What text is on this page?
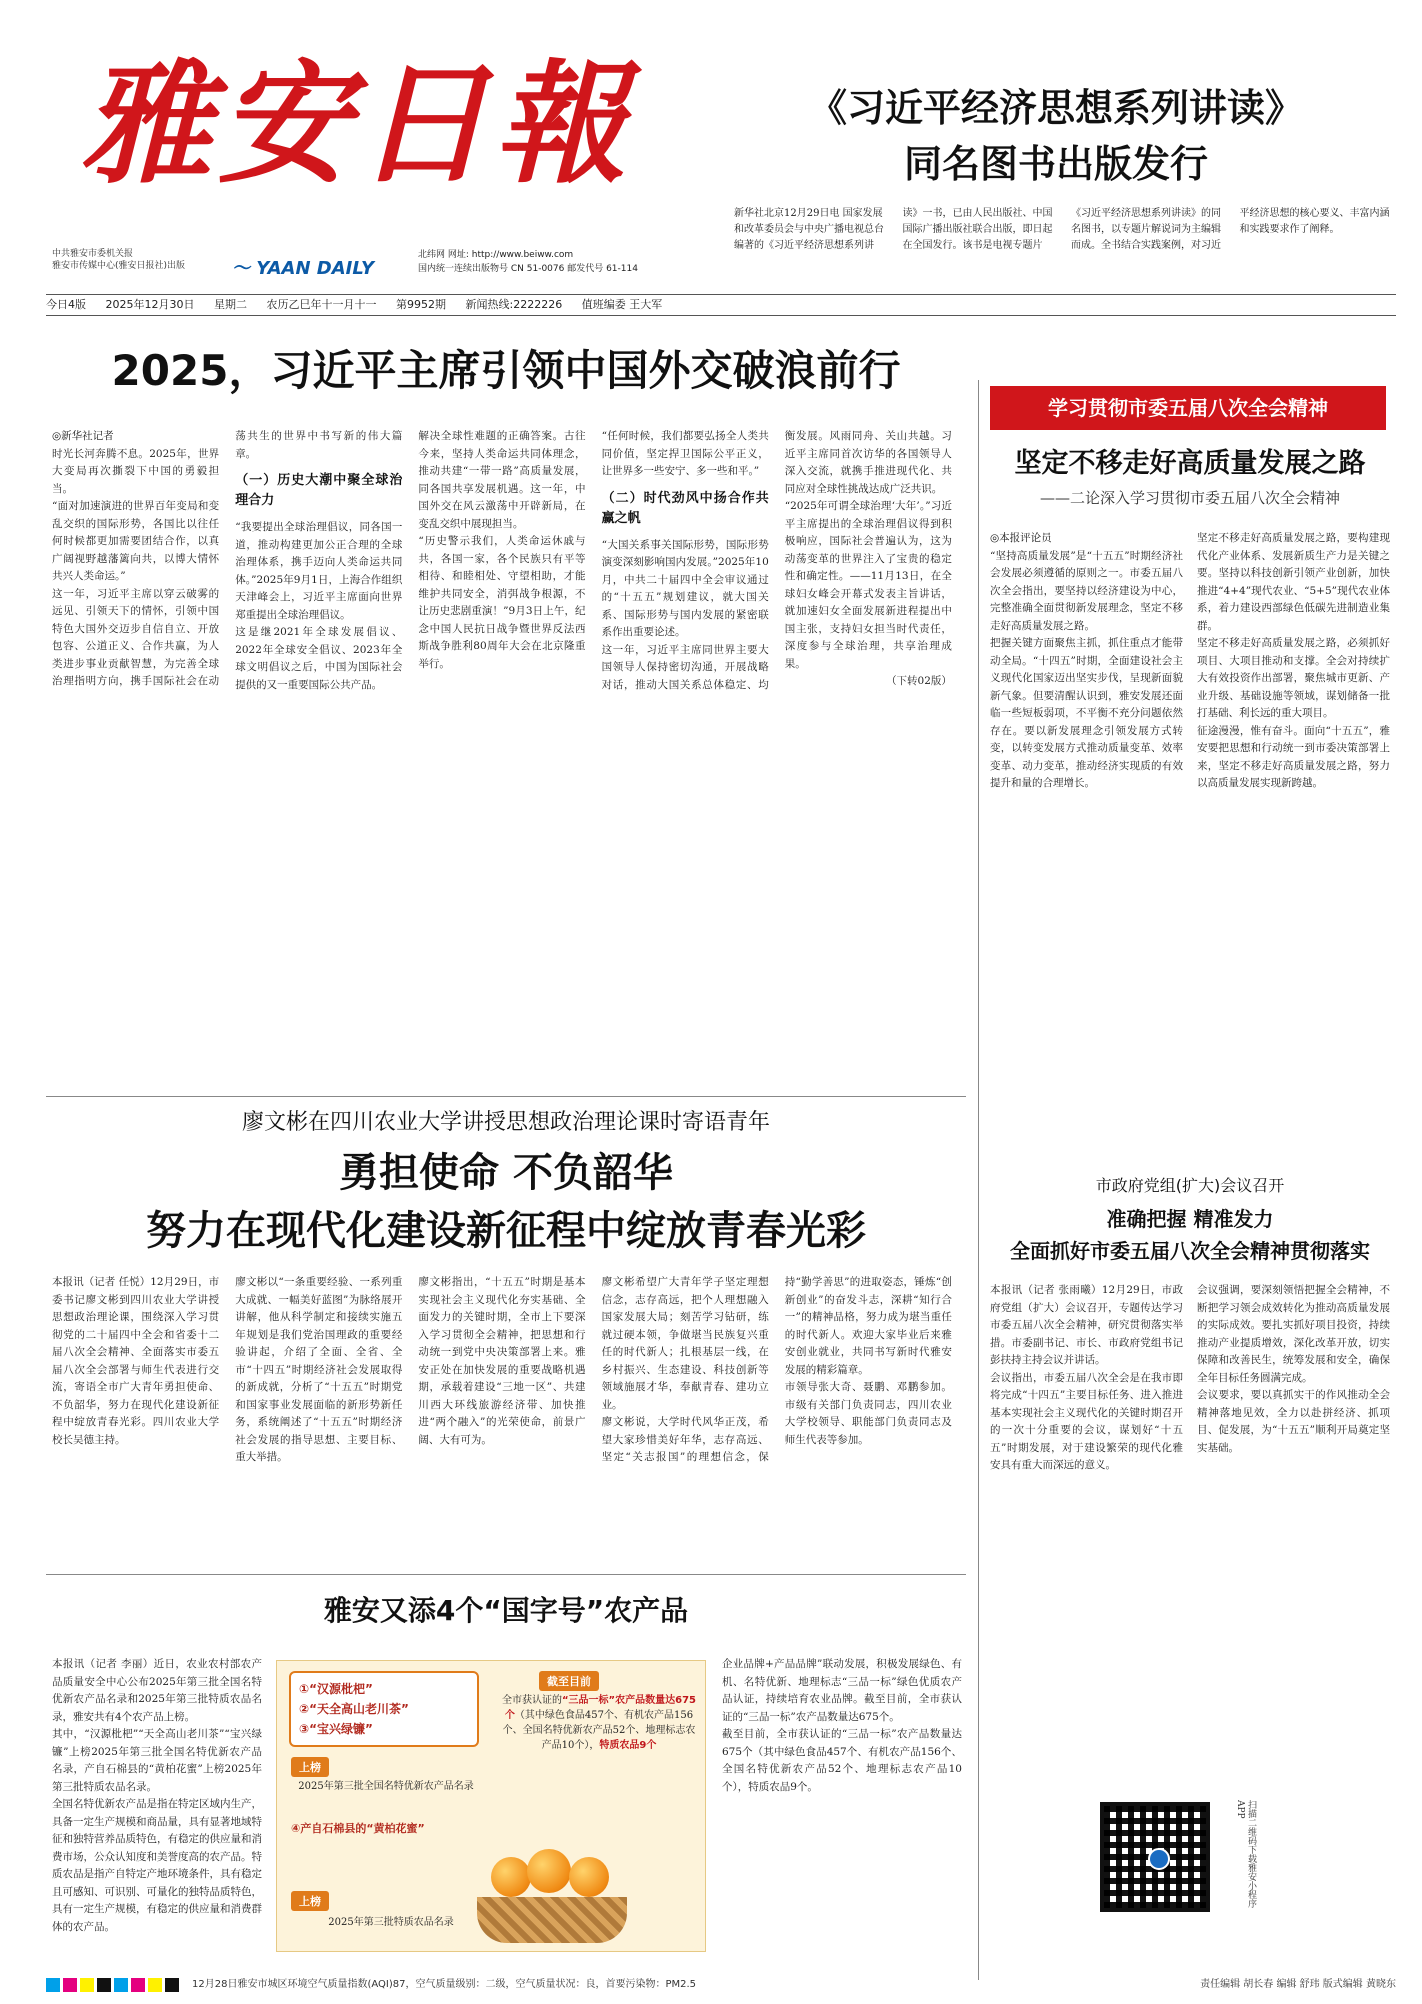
雅安日報
中共雅安市委机关报
雅安市传媒中心(雅安日报社)出版	〜 YAAN DAILY
北纬网 网址: http://www.beiww.com
国内统一连续出版物号 CN 51-0076 邮发代号 61-114
《习近平经济思想系列讲读》
同名图书出版发行
新华社北京12月29日电 国家发展和改革委员会与中央广播电视总台编著的《习近平经济思想系列讲读》一书，已由人民出版社、中国国际广播出版社联合出版，即日起在全国发行。该书是电视专题片《习近平经济思想系列讲读》的同名图书，以专题片解说词为主编辑而成。全书结合实践案例，对习近平经济思想的核心要义、丰富内涵和实践要求作了阐释。
今日4版 2025年12月30日 星期二 农历乙巳年十一月十一 第9952期 新闻热线:2222226 值班编委 王大军
2025，习近平主席引领中国外交破浪前行

◎新华社记者

时光长河奔腾不息。2025年，世界大变局再次撕裂下中国的勇毅担当。

“面对加速演进的世界百年变局和变乱交织的国际形势，各国比以往任何时候都更加需要团结合作，以真广阔视野越藩篱向共，以博大情怀共兴人类命运。”

这一年，习近平主席以穿云破雾的远见、引领天下的情怀，引领中国特色大国外交迈步自信自立、开放包容、公道正义、合作共赢，为人类进步事业贡献智慧，为完善全球治理指明方向，携手国际社会在动荡共生的世界中书写新的伟大篇章。

（一）历史大潮中聚全球治理合力

“我要提出全球治理倡议，同各国一道，推动构建更加公正合理的全球治理体系，携手迈向人类命运共同体。”2025年9月1日，上海合作组织天津峰会上，习近平主席面向世界郑重提出全球治理倡议。

这是继2021年全球发展倡议、2022年全球安全倡议、2023年全球文明倡议之后，中国为国际社会提供的又一重要国际公共产品。

解决全球性难题的正确答案。古往今来，坚持人类命运共同体理念，推动共建“一带一路”高质量发展，同各国共享发展机遇。这一年，中国外交在风云激荡中开辟新局，在变乱交织中展现担当。

“历史警示我们，人类命运休戚与共，各国一家，各个民族只有平等相待、和睦相处、守望相助，才能维护共同安全，消弭战争根源，不让历史悲剧重演！”9月3日上午，纪念中国人民抗日战争暨世界反法西斯战争胜利80周年大会在北京隆重举行。

“任何时候，我们都要弘扬全人类共同价值，坚定捍卫国际公平正义，让世界多一些安宁、多一些和平。”

（二）时代劲风中扬合作共赢之帆

“大国关系事关国际形势，国际形势演变深刻影响国内发展。”2025年10月，中共二十届四中全会审议通过的“十五五”规划建议，就大国关系、国际形势与国内发展的紧密联系作出重要论述。

这一年，习近平主席同世界主要大国领导人保持密切沟通，开展战略对话，推动大国关系总体稳定、均衡发展。风雨同舟、关山共越。习近平主席同首次访华的各国领导人深入交流，就携手推进现代化、共同应对全球性挑战达成广泛共识。

“2025年可谓全球治理‘大年’。”习近平主席提出的全球治理倡议得到积极响应，国际社会普遍认为，这为动荡变革的世界注入了宝贵的稳定性和确定性。——11月13日，在全球妇女峰会开幕式发表主旨讲话，就加速妇女全面发展新进程提出中国主张，支持妇女担当时代责任，深度参与全球治理，共享治理成果。

（下转02版）

学习贯彻市委五届八次全会精神
坚定不移走好高质量发展之路
——二论深入学习贯彻市委五届八次全会精神

◎本报评论员

“坚持高质量发展”是“十五五”时期经济社会发展必须遵循的原则之一。市委五届八次全会指出，要坚持以经济建设为中心，完整准确全面贯彻新发展理念，坚定不移走好高质量发展之路。

把握关键方面聚焦主抓，抓住重点才能带动全局。“十四五”时期，全面建设社会主义现代化国家迈出坚实步伐，呈现新面貌新气象。但要清醒认识到，雅安发展还面临一些短板弱项，不平衡不充分问题依然存在。要以新发展理念引领发展方式转变，以转变发展方式推动质量变革、效率变革、动力变革，推动经济实现质的有效提升和量的合理增长。

坚定不移走好高质量发展之路，要构建现代化产业体系、发展新质生产力是关键之要。坚持以科技创新引领产业创新，加快推进“4+4”现代农业、“5+5”现代农业体系，着力建设西部绿色低碳先进制造业集群。

坚定不移走好高质量发展之路，必须抓好项目、大项目推动和支撑。全会对持续扩大有效投资作出部署，聚焦城市更新、产业升级、基础设施等领域，谋划储备一批打基础、利长远的重大项目。

征途漫漫，惟有奋斗。面向“十五五”，雅安要把思想和行动统一到市委决策部署上来，坚定不移走好高质量发展之路，努力以高质量发展实现新跨越。

市政府党组(扩大)会议召开
准确把握 精准发力
全面抓好市委五届八次全会精神贯彻落实

本报讯（记者 张雨曦）12月29日，市政府党组（扩大）会议召开，专题传达学习市委五届八次全会精神，研究贯彻落实举措。市委副书记、市长、市政府党组书记彭扶持主持会议并讲话。

会议指出，市委五届八次全会是在我市即将完成“十四五”主要目标任务、进入推进基本实现社会主义现代化的关键时期召开的一次十分重要的会议，谋划好“十五五”时期发展，对于建设繁荣的现代化雅安具有重大而深远的意义。

会议强调，要深刻领悟把握全会精神，不断把学习领会成效转化为推动高质量发展的实际成效。要扎实抓好项目投资，持续推动产业提质增效，深化改革开放，切实保障和改善民生，统筹发展和安全，确保全年目标任务圆满完成。

会议要求，要以真抓实干的作风推动全会精神落地见效，全力以赴拼经济、抓项目、促发展，为“十五五”顺利开局奠定坚实基础。

扫描二维码下载雅安小程序APP
廖文彬在四川农业大学讲授思想政治理论课时寄语青年
勇担使命 不负韶华
努力在现代化建设新征程中绽放青春光彩

本报讯（记者 任悦）12月29日，市委书记廖文彬到四川农业大学讲授思想政治理论课，围绕深入学习贯彻党的二十届四中全会和省委十二届八次全会精神、全面落实市委五届八次全会部署与师生代表进行交流，寄语全市广大青年勇担使命、不负韶华，努力在现代化建设新征程中绽放青春光彩。四川农业大学校长吴德主持。

廖文彬以“一条重要经验、一系列重大成就、一幅美好蓝图”为脉络展开讲解，他从科学制定和接续实施五年规划是我们党治国理政的重要经验讲起，介绍了全面、全省、全市“十四五”时期经济社会发展取得的新成就，分析了“十五五”时期党和国家事业发展面临的新形势新任务，系统阐述了“十五五”时期经济社会发展的指导思想、主要目标、重大举措。

廖文彬指出，“十五五”时期是基本实现社会主义现代化夯实基础、全面发力的关键时期，全市上下要深入学习贯彻全会精神，把思想和行动统一到党中央决策部署上来。雅安正处在加快发展的重要战略机遇期，承载着建设“三地一区”、共建川西大环线旅游经济带、加快推进“两个融入”的光荣使命，前景广阔、大有可为。

廖文彬希望广大青年学子坚定理想信念，志存高远，把个人理想融入国家发展大局；刻苦学习钻研，练就过硬本领，争做堪当民族复兴重任的时代新人；扎根基层一线，在乡村振兴、生态建设、科技创新等领域施展才华，奉献青春、建功立业。

廖文彬说，大学时代风华正茂，希望大家珍惜美好年华，志存高远、坚定“关志报国”的理想信念，保持“勤学善思”的进取姿态，锤炼“创新创业”的奋发斗志，深耕“知行合一”的精神品格，努力成为堪当重任的时代新人。欢迎大家毕业后来雅安创业就业，共同书写新时代雅安发展的精彩篇章。

市领导张大奇、聂鹏、邓鹏参加。市级有关部门负责同志，四川农业大学校领导、职能部门负责同志及师生代表等参加。

雅安又添4个“国字号”农产品

本报讯（记者 李丽）近日，农业农村部农产品质量安全中心公布2025年第三批全国名特优新农产品名录和2025年第三批特质农品名录，雅安共有4个农产品上榜。

其中，“汉源枇杷”“天全高山老川茶”“宝兴绿镰”上榜2025年第三批全国名特优新农产品名录，产自石棉县的“黄柏花蜜”上榜2025年第三批特质农品名录。

全国名特优新农产品是指在特定区域内生产，具备一定生产规模和商品量，具有显著地域特征和独特营养品质特色，有稳定的供应量和消费市场，公众认知度和美誉度高的农产品。特质农品是指产自特定产地环境条件，具有稳定且可感知、可识别、可量化的独特品质特色，具有一定生产规模，有稳定的供应量和消费群体的农产品。

①“汉源枇杷”
②“天全高山老川茶”
③“宝兴绿镰”
上榜
2025年第三批全国名特优新农产品名录
④产自石棉县的“黄柏花蜜”
上榜
2025年第三批特质农品名录
截至目前
全市获认证的“三品一标”农产品数量达675个（其中绿色食品457个、有机农产品156个、全国名特优新农产品52个、地理标志农产品10个），特质农品9个

企业品牌+产品品牌”联动发展，积极发展绿色、有机、名特优新、地理标志“三品一标”绿色优质农产品认证，持续培育农业品牌。截至目前，全市获认证的“三品一标”农产品数量达675个。

截至目前，全市获认证的“三品一标”农产品数量达675个（其中绿色食品457个、有机农产品156个、全国名特优新农产品52个、地理标志农产品10个），特质农品9个。

12月28日雅安市城区环境空气质量指数(AQI)87，空气质量级别：二级，空气质量状况：良，首要污染物：PM2.5	责任编辑 胡长春 编辑 舒玮 版式编辑 黄晓东
